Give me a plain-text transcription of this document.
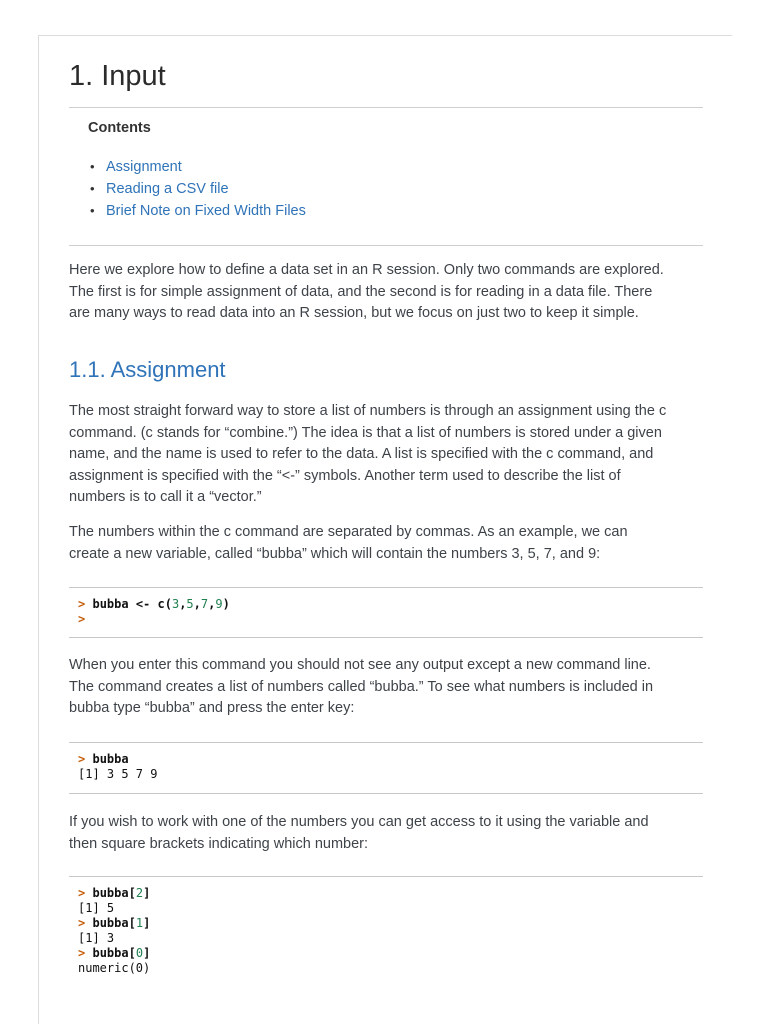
1. Input
Contents
• Assignment
• Reading a CSV file
• Brief Note on Fixed Width Files

Here we explore how to define a data set in an R session. Only two commands are explored.
The first is for simple assignment of data, and the second is for reading in a data file. There
are many ways to read data into an R session, but we focus on just two to keep it simple.

1.1. Assignment

The most straight forward way to store a list of numbers is through an assignment using the c
command. (c stands for “combine.”) The idea is that a list of numbers is stored under a given
name, and the name is used to refer to the data. A list is specified with the c command, and
assignment is specified with the “<-” symbols. Another term used to describe the list of
numbers is to call it a “vector.”

The numbers within the c command are separated by commas. As an example, we can
create a new variable, called “bubba” which will contain the numbers 3, 5, 7, and 9:

> bubba <- c(3,5,7,9)
>

When you enter this command you should not see any output except a new command line.
The command creates a list of numbers called “bubba.” To see what numbers is included in
bubba type “bubba” and press the enter key:

> bubba
[1] 3 5 7 9

If you wish to work with one of the numbers you can get access to it using the variable and
then square brackets indicating which number:

> bubba[2]
[1] 5
> bubba[1]
[1] 3
> bubba[0]
numeric(0)
